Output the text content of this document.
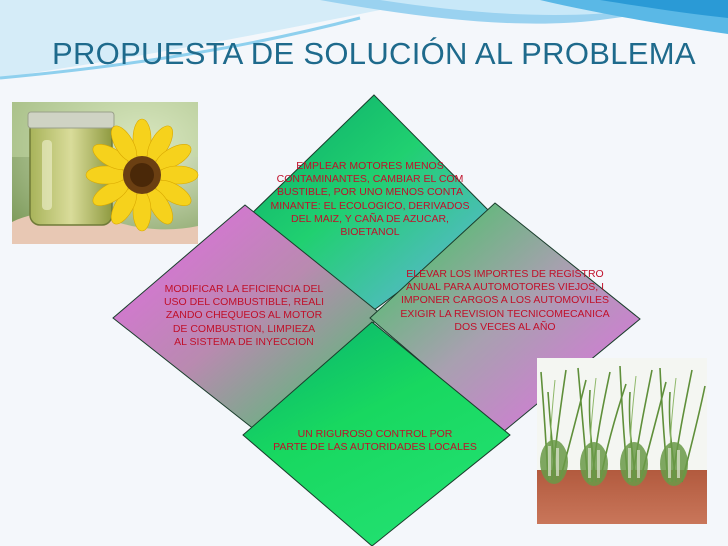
PROPUESTA DE SOLUCIÓN AL PROBLEMA
EMPLEAR MOTORES MENOS
CONTAMINANTES, CAMBIAR EL COM
BUSTIBLE, POR UNO MENOS CONTA
MINANTE: EL ECOLOGICO, DERIVADOS
DEL MAIZ, Y CAÑA DE AZUCAR,
BIOETANOL
MODIFICAR LA EFICIENCIA DEL
USO DEL COMBUSTIBLE, REALI
ZANDO CHEQUEOS AL MOTOR
DE COMBUSTION, LIMPIEZA
AL SISTEMA DE INYECCION
ELEVAR LOS IMPORTES DE REGISTRO
ANUAL PARA AUTOMOTORES VIEJOS, I
IMPONER CARGOS A LOS AUTOMOVILES
EXIGIR LA REVISION TECNICOMECANICA
DOS VECES AL AÑO
UN RIGUROSO CONTROL POR
PARTE DE LAS AUTORIDADES LOCALES
